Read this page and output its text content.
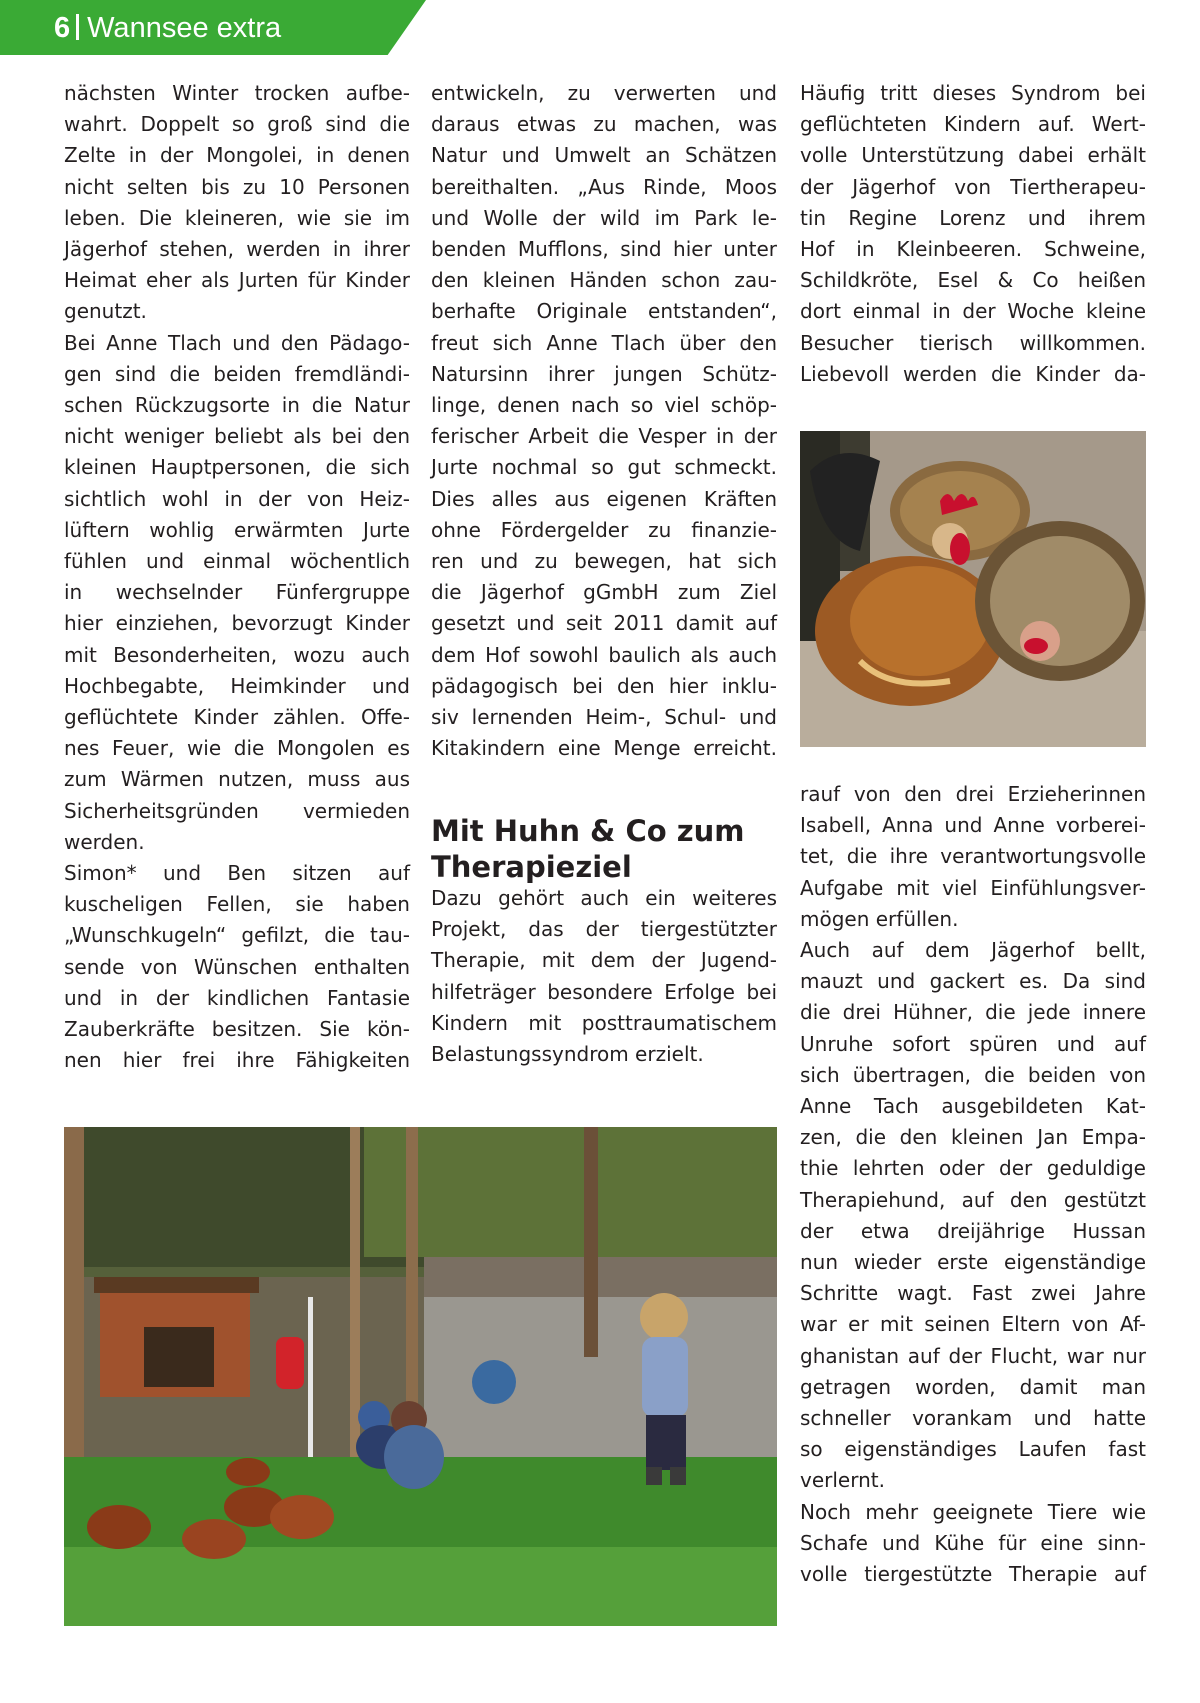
6 Wannsee extra
nächsten Winter trocken aufbe-
wahrt. Doppelt so groß sind die
Zelte in der Mongolei, in denen
nicht selten bis zu 10 Personen
leben. Die kleineren, wie sie im
Jägerhof stehen, werden in ihrer
Heimat eher als Jurten für Kinder
genutzt.
Bei Anne Tlach und den Pädago-
gen sind die beiden fremdländi-
schen Rückzugsorte in die Natur
nicht weniger beliebt als bei den
kleinen Hauptpersonen, die sich
sichtlich wohl in der von Heiz-
lüftern wohlig erwärmten Jurte
fühlen und einmal wöchentlich
in wechselnder Fünfergruppe
hier einziehen, bevorzugt Kinder
mit Besonderheiten, wozu auch
Hochbegabte, Heimkinder und
geflüchtete Kinder zählen. Offe-
nes Feuer, wie die Mongolen es
zum Wärmen nutzen, muss aus
Sicherheitsgründen vermieden
werden.
Simon* und Ben sitzen auf
kuscheligen Fellen, sie haben
„Wunschkugeln“ gefilzt, die tau-
sende von Wünschen enthalten
und in der kindlichen Fantasie
Zauberkräfte besitzen. Sie kön-
nen hier frei ihre Fähigkeiten
entwickeln, zu verwerten und
daraus etwas zu machen, was
Natur und Umwelt an Schätzen
bereithalten. „Aus Rinde, Moos
und Wolle der wild im Park le-
benden Mufflons, sind hier unter
den kleinen Händen schon zau-
berhafte Originale entstanden“,
freut sich Anne Tlach über den
Natursinn ihrer jungen Schütz-
linge, denen nach so viel schöp-
ferischer Arbeit die Vesper in der
Jurte nochmal so gut schmeckt.
Dies alles aus eigenen Kräften
ohne Fördergelder zu finanzie-
ren und zu bewegen, hat sich
die Jägerhof gGmbH zum Ziel
gesetzt und seit 2011 damit auf
dem Hof sowohl baulich als auch
pädagogisch bei den hier inklu-
siv lernenden Heim-, Schul- und
Kitakindern eine Menge erreicht.
Mit Huhn & Co zum Therapieziel
Dazu gehört auch ein weiteres
Projekt, das der tiergestützter
Therapie, mit dem der Jugend-
hilfeträger besondere Erfolge bei
Kindern mit posttraumatischem
Belastungssyndrom erzielt.
Häufig tritt dieses Syndrom bei
geflüchteten Kindern auf. Wert-
volle Unterstützung dabei erhält
der Jägerhof von Tiertherapeu-
tin Regine Lorenz und ihrem
Hof in Kleinbeeren. Schweine,
Schildkröte, Esel & Co heißen
dort einmal in der Woche kleine
Besucher tierisch willkommen.
Liebevoll werden die Kinder da-
rauf von den drei Erzieherinnen
Isabell, Anna und Anne vorberei-
tet, die ihre verantwortungsvolle
Aufgabe mit viel Einfühlungsver-
mögen erfüllen.
Auch auf dem Jägerhof bellt,
mauzt und gackert es. Da sind
die drei Hühner, die jede innere
Unruhe sofort spüren und auf
sich übertragen, die beiden von
Anne Tach ausgebildeten Kat-
zen, die den kleinen Jan Empa-
thie lehrten oder der geduldige
Therapiehund, auf den gestützt
der etwa dreijährige Hussan
nun wieder erste eigenständige
Schritte wagt. Fast zwei Jahre
war er mit seinen Eltern von Af-
ghanistan auf der Flucht, war nur
getragen worden, damit man
schneller vorankam und hatte
so eigenständiges Laufen fast
verlernt.
Noch mehr geeignete Tiere wie
Schafe und Kühe für eine sinn-
volle tiergestützte Therapie auf
